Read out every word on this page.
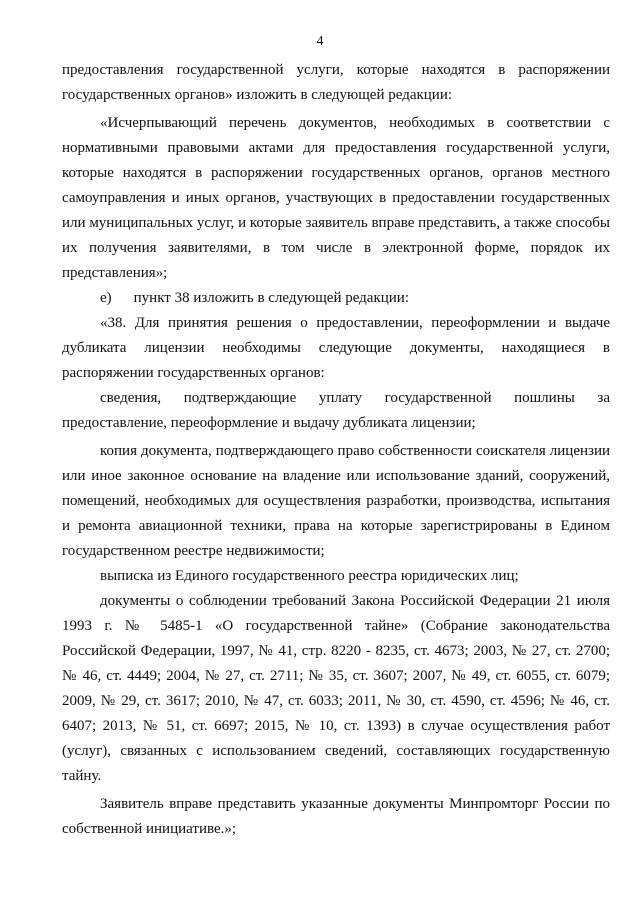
4

предоставления государственной услуги, которые находятся в распоряжении государственных органов» изложить в следующей редакции:

«Исчерпывающий перечень документов, необходимых в соответствии с нормативными правовыми актами для предоставления государственной услуги, которые находятся в распоряжении государственных органов, органов местного самоуправления и иных органов, участвующих в предоставлении государственных или муниципальных услуг, и которые заявитель вправе представить, а также способы их получения заявителями, в том числе в электронной форме, порядок их представления»;

е) пункт 38 изложить в следующей редакции:

«38. Для принятия решения о предоставлении, переоформлении и выдаче дубликата лицензии необходимы следующие документы, находящиеся в распоряжении государственных органов:

сведения, подтверждающие уплату государственной пошлины за предоставление, переоформление и выдачу дубликата лицензии;

копия документа, подтверждающего право собственности соискателя лицензии или иное законное основание на владение или использование зданий, сооружений, помещений, необходимых для осуществления разработки, производства, испытания и ремонта авиационной техники, права на которые зарегистрированы в Едином государственном реестре недвижимости;

выписка из Единого государственного реестра юридических лиц;

документы о соблюдении требований Закона Российской Федерации 21 июля 1993 г. № 5485-1 «О государственной тайне» (Собрание законодательства Российской Федерации, 1997, № 41, стр. 8220 - 8235, ст. 4673; 2003, № 27, ст. 2700; № 46, ст. 4449; 2004, № 27, ст. 2711; № 35, ст. 3607; 2007, № 49, ст. 6055, ст. 6079; 2009, № 29, ст. 3617; 2010, № 47, ст. 6033; 2011, № 30, ст. 4590, ст. 4596; № 46, ст. 6407; 2013, № 51, ст. 6697; 2015, № 10, ст. 1393) в случае осуществления работ (услуг), связанных с использованием сведений, составляющих государственную тайну.

Заявитель вправе представить указанные документы Минпромторг России по собственной инициативе.»;
